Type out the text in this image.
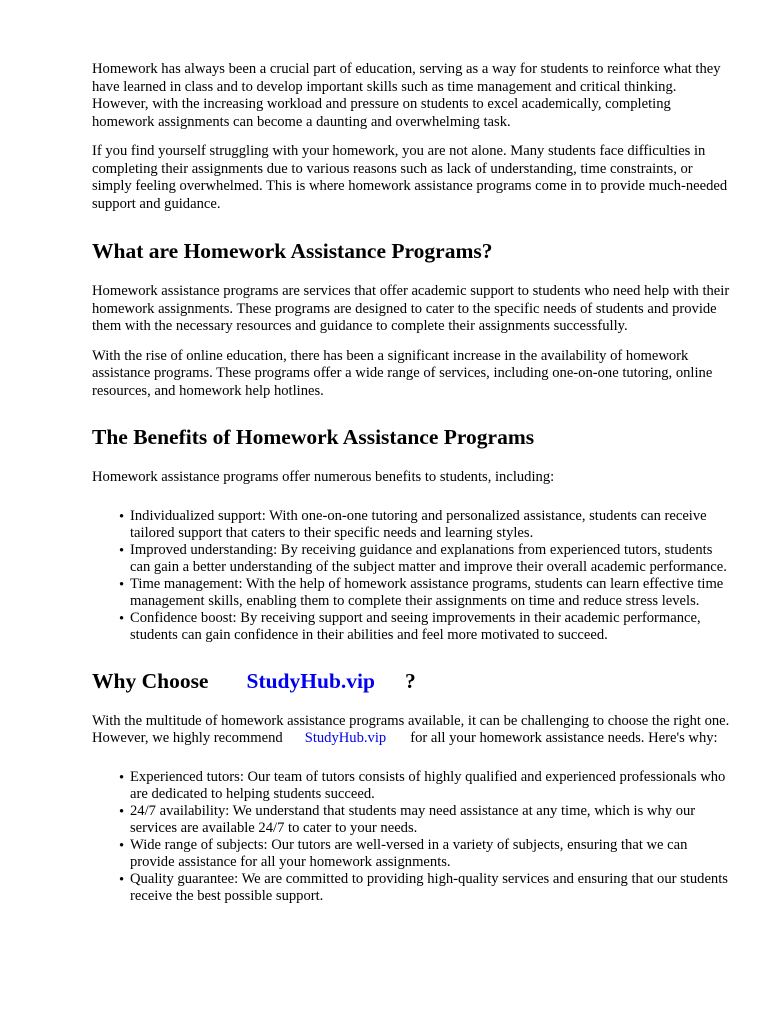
Homework has always been a crucial part of education, serving as a way for students to reinforce what they have learned in class and to develop important skills such as time management and critical thinking. However, with the increasing workload and pressure on students to excel academically, completing homework assignments can become a daunting and overwhelming task.

If you find yourself struggling with your homework, you are not alone. Many students face difficulties in completing their assignments due to various reasons such as lack of understanding, time constraints, or simply feeling overwhelmed. This is where homework assistance programs come in to provide much-needed support and guidance.

What are Homework Assistance Programs?

Homework assistance programs are services that offer academic support to students who need help with their homework assignments. These programs are designed to cater to the specific needs of students and provide them with the necessary resources and guidance to complete their assignments successfully.

With the rise of online education, there has been a significant increase in the availability of homework assistance programs. These programs offer a wide range of services, including one-on-one tutoring, online resources, and homework help hotlines.

The Benefits of Homework Assistance Programs

Homework assistance programs offer numerous benefits to students, including:

• Individualized support: With one-on-one tutoring and personalized assistance, students can receive tailored support that caters to their specific needs and learning styles.
• Improved understanding: By receiving guidance and explanations from experienced tutors, students can gain a better understanding of the subject matter and improve their overall academic performance.
• Time management: With the help of homework assistance programs, students can learn effective time management skills, enabling them to complete their assignments on time and reduce stress levels.
• Confidence boost: By receiving support and seeing improvements in their academic performance, students can gain confidence in their abilities and feel more motivated to succeed.
Why Choose StudyHub.vip ?

With the multitude of homework assistance programs available, it can be challenging to choose the right one. However, we highly recommend StudyHub.vip for all your homework assistance needs. Here's why:

• Experienced tutors: Our team of tutors consists of highly qualified and experienced professionals who are dedicated to helping students succeed.
• 24/7 availability: We understand that students may need assistance at any time, which is why our services are available 24/7 to cater to your needs.
• Wide range of subjects: Our tutors are well-versed in a variety of subjects, ensuring that we can provide assistance for all your homework assignments.
• Quality guarantee: We are committed to providing high-quality services and ensuring that our students receive the best possible support.
